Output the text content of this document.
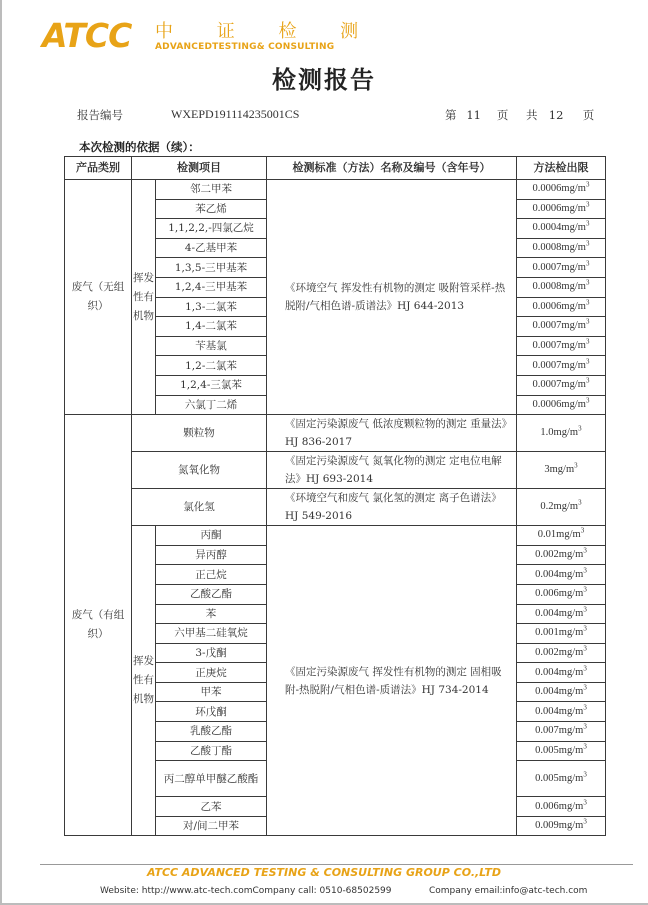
ATCC 中 证 检 测
ADVANCEDTESTING& CONSULTING
检测报告
报告编号	WXEPD191114235001CS	第 11 页 共 12 页
本次检测的依据（续）：
产品类别	检测项目		检测标准（方法）名称及编号（含年号）	方法检出限
废气（无组织）	挥发性有机物	邻二甲苯	《环境空气 挥发性有机物的测定 吸附管采样-热脱附/气相色谱-质谱法》HJ 644-2013	$0.0006mg/m^3$
		苯乙烯		$0.0006mg/m^3$
		1,1,2,2,-四氯乙烷		$0.0004mg/m^3$
		4-乙基甲苯		$0.0008mg/m^3$
		1,3,5-三甲基苯		$0.0007mg/m^3$
		1,2,4-三甲基苯		$0.0008mg/m^3$
		1,3-二氯苯		$0.0006mg/m^3$
		1,4-二氯苯		$0.0007mg/m^3$
		苄基氯		$0.0007mg/m^3$
		1,2-二氯苯		$0.0007mg/m^3$
		1,2,4-三氯苯		$0.0007mg/m^3$
		六氯丁二烯		$0.0006mg/m^3$
废气（有组织）	颗粒物		《固定污染源废气 低浓度颗粒物的测定 重量法》HJ 836-2017	$1.0mg/m^3$
	氮氧化物		《固定污染源废气 氮氧化物的测定 定电位电解法》HJ 693-2014	$3mg/m^3$
	氯化氢		《环境空气和废气 氯化氢的测定 离子色谱法》HJ 549-2016	$0.2mg/m^3$
	挥发性有机物	丙酮	《固定污染源废气 挥发性有机物的测定 固相吸附-热脱附/气相色谱-质谱法》HJ 734-2014	$0.01mg/m^3$
		异丙醇		$0.002mg/m^3$
		正己烷		$0.004mg/m^3$
		乙酸乙酯		$0.006mg/m^3$
		苯		$0.004mg/m^3$
		六甲基二硅氧烷		$0.001mg/m^3$
		3-戊酮		$0.002mg/m^3$
		正庚烷		$0.004mg/m^3$
		甲苯		$0.004mg/m^3$
		环戊酮		$0.004mg/m^3$
		乳酸乙酯		$0.007mg/m^3$
		乙酸丁酯		$0.005mg/m^3$
		丙二醇单甲醚乙酸酯		$0.005mg/m^3$
		乙苯		$0.006mg/m^3$
		对/间二甲苯		$0.009mg/m^3$
ATCC ADVANCED TESTING & CONSULTING GROUP CO.,LTD
Website: http://www.atc-tech.comCompany call: 0510-68502599	Company email:info@atc-tech.com
